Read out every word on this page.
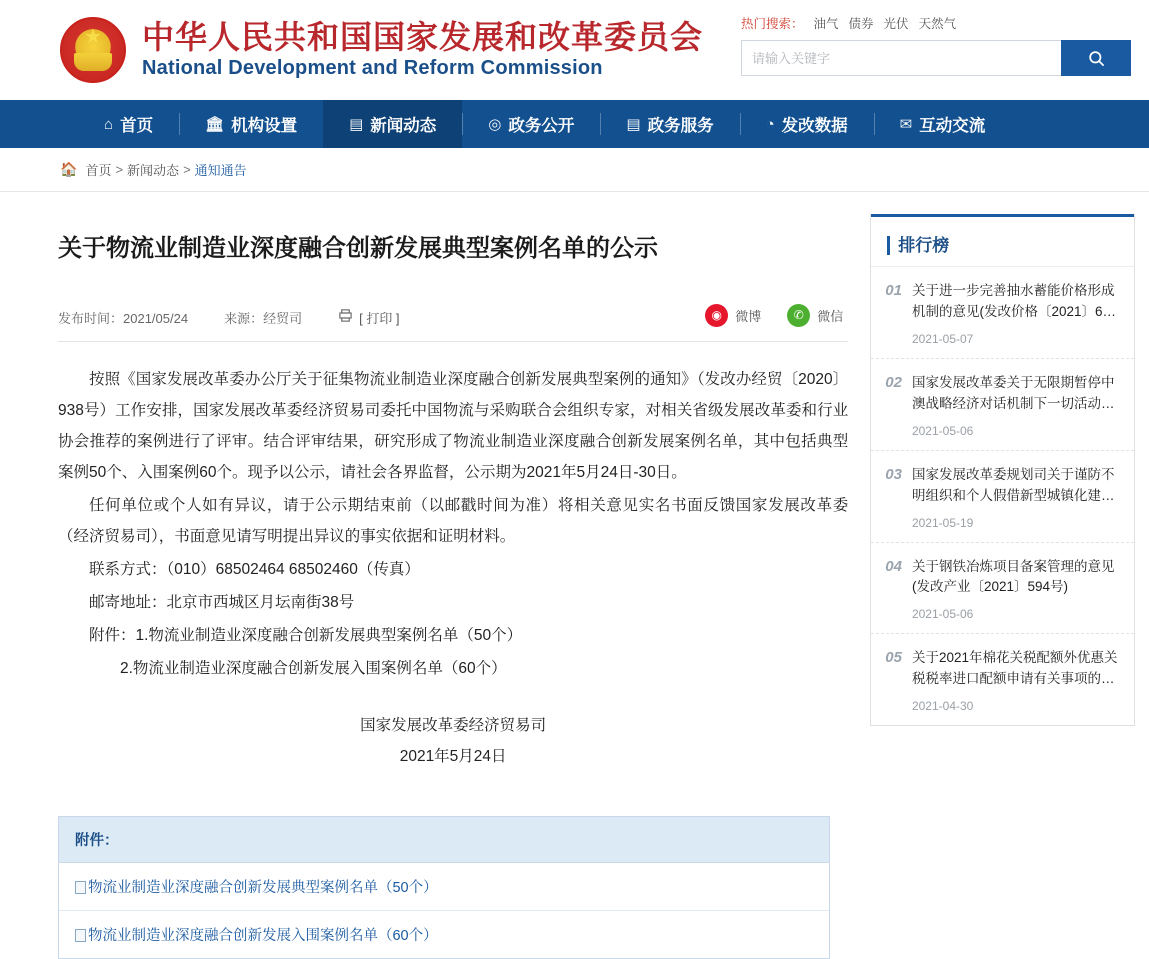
★
中华人民共和国国家发展和改革委员会
National Development and Reform Commission
热门搜索： 油气 债券 光伏 天然气
请输入关键字
⌂ 首页	🏛 机构设置	▤ 新闻动态	◎ 政务公开	▤ 政务服务	◔ 发改数据	✉ 互动交流
🏠 首页 > 新闻动态 > 通知通告
关于物流业制造业深度融合创新发展典型案例名单的公示
发布时间：2021/05/24	来源：经贸司	[ 打印 ]	◉	微博	✆	微信

按照《国家发展改革委办公厅关于征集物流业制造业深度融合创新发展典型案例的通知》（发改办经贸〔2020〕938号）工作安排，国家发展改革委经济贸易司委托中国物流与采购联合会组织专家，对相关省级发展改革委和行业协会推荐的案例进行了评审。结合评审结果，研究形成了物流业制造业深度融合创新发展案例名单，其中包括典型案例50个、入围案例60个。现予以公示，请社会各界监督，公示期为2021年5月24日-30日。

任何单位或个人如有异议，请于公示期结束前（以邮戳时间为准）将相关意见实名书面反馈国家发展改革委（经济贸易司），书面意见请写明提出异议的事实依据和证明材料。

联系方式：（010）68502464 68502460（传真）

邮寄地址：北京市西城区月坛南街38号

附件：1.物流业制造业深度融合创新发展典型案例名单（50个）

2.物流业制造业深度融合创新发展入围案例名单（60个）

国家发展改革委经济贸易司

2021年5月24日

附件：
物流业制造业深度融合创新发展典型案例名单（50个）
物流业制造业深度融合创新发展入围案例名单（60个）
排行榜
01 关于进一步完善抽水蓄能价格形成机制的意见(发改价格〔2021〕6…
2021-05-07
02 国家发展改革委关于无限期暂停中澳战略经济对话机制下一切活动…
2021-05-06
03 国家发展改革委规划司关于谨防不明组织和个人假借新型城镇化建…
2021-05-19
04 关于钢铁冶炼项目备案管理的意见(发改产业〔2021〕594号)
2021-05-06
05 关于2021年棉花关税配额外优惠关税税率进口配额申请有关事项的…
2021-04-30
